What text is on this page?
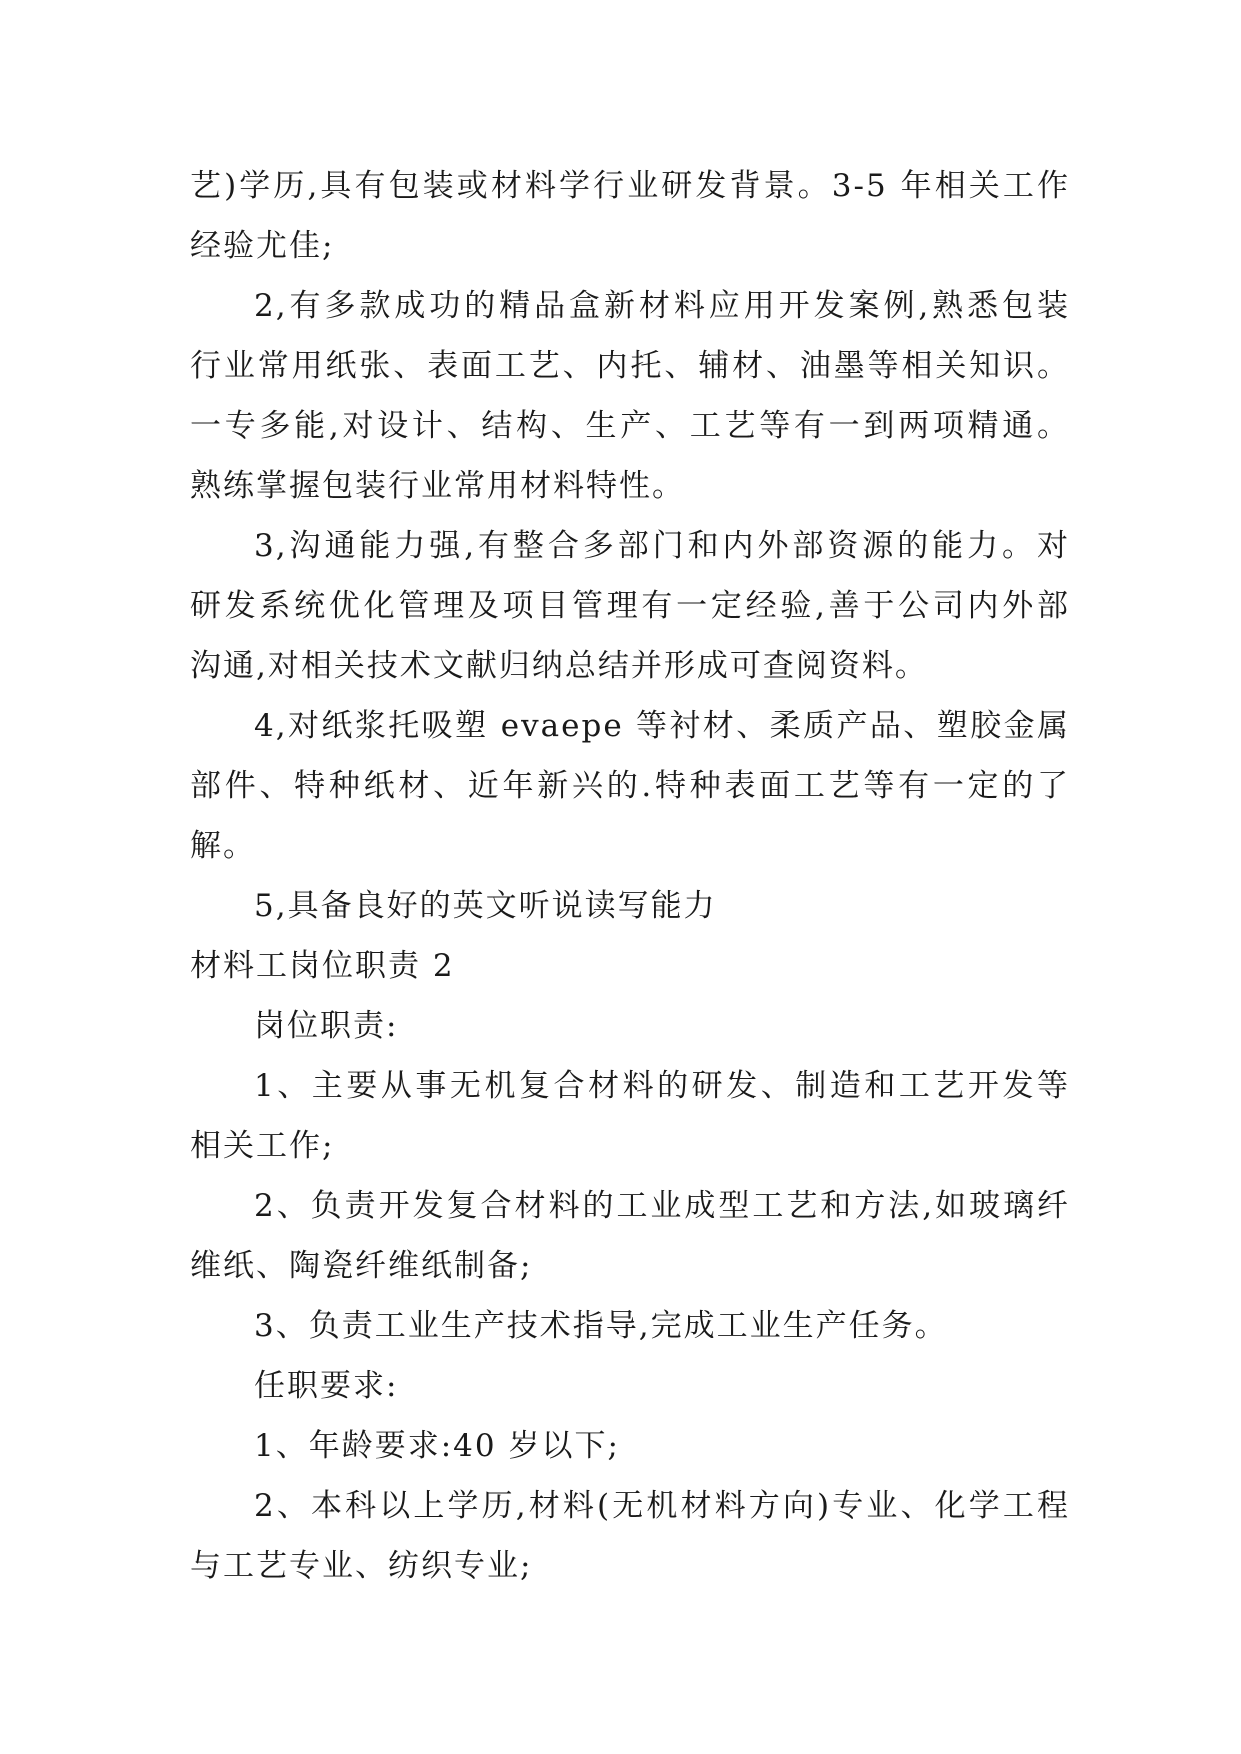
艺)学历,具有包装或材料学行业研发背景。3-5 年相关工作
经验尤佳;
2,有多款成功的精品盒新材料应用开发案例,熟悉包装
行业常用纸张、表面工艺、内托、辅材、油墨等相关知识。
一专多能,对设计、结构、生产、工艺等有一到两项精通。
熟练掌握包装行业常用材料特性。
3,沟通能力强,有整合多部门和内外部资源的能力。对
研发系统优化管理及项目管理有一定经验,善于公司内外部
沟通,对相关技术文献归纳总结并形成可查阅资料。
4,对纸浆托吸塑 evaepe 等衬材、柔质产品、塑胶金属
部件、特种纸材、近年新兴的.特种表面工艺等有一定的了
解。
5,具备良好的英文听说读写能力
材料工岗位职责 2
岗位职责:
1、主要从事无机复合材料的研发、制造和工艺开发等
相关工作;
2、负责开发复合材料的工业成型工艺和方法,如玻璃纤
维纸、陶瓷纤维纸制备;
3、负责工业生产技术指导,完成工业生产任务。
任职要求:
1、年龄要求:40 岁以下;
2、本科以上学历,材料(无机材料方向)专业、化学工程
与工艺专业、纺织专业;
